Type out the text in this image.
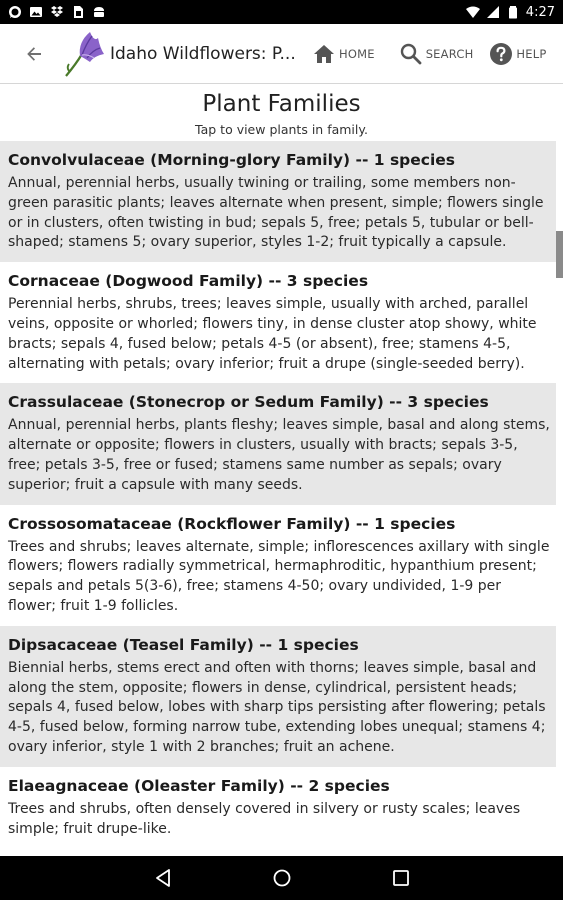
4:27
Idaho Wildflowers: P...	HOME	SEARCH	HELP
Plant Families
Tap to view plants in family.
Convolvulaceae (Morning-glory Family) -- 1 species
Annual, perennial herbs, usually twining or trailing, some members non-green parasitic plants; leaves alternate when present, simple; flowers single or in clusters, often twisting in bud; sepals 5, free; petals 5, tubular or bell-shaped; stamens 5; ovary superior, styles 1-2; fruit typically a capsule.
Cornaceae (Dogwood Family) -- 3 species
Perennial herbs, shrubs, trees; leaves simple, usually with arched, parallel veins, opposite or whorled; flowers tiny, in dense cluster atop showy, white bracts; sepals 4, fused below; petals 4-5 (or absent), free; stamens 4-5, alternating with petals; ovary inferior; fruit a drupe (single-seeded berry).
Crassulaceae (Stonecrop or Sedum Family) -- 3 species
Annual, perennial herbs, plants fleshy; leaves simple, basal and along stems, alternate or opposite; flowers in clusters, usually with bracts; sepals 3-5, free; petals 3-5, free or fused; stamens same number as sepals; ovary superior; fruit a capsule with many seeds.
Crossosomataceae (Rockflower Family) -- 1 species
Trees and shrubs; leaves alternate, simple; inflorescences axillary with single flowers; flowers radially symmetrical, hermaphroditic, hypanthium present; sepals and petals 5(3-6), free; stamens 4-50; ovary undivided, 1-9 per flower; fruit 1-9 follicles.
Dipsacaceae (Teasel Family) -- 1 species
Biennial herbs, stems erect and often with thorns; leaves simple, basal and along the stem, opposite; flowers in dense, cylindrical, persistent heads; sepals 4, fused below, lobes with sharp tips persisting after flowering; petals 4-5, fused below, forming narrow tube, extending lobes unequal; stamens 4; ovary inferior, style 1 with 2 branches; fruit an achene.
Elaeagnaceae (Oleaster Family) -- 2 species
Trees and shrubs, often densely covered in silvery or rusty scales; leaves simple; fruit drupe-like.
